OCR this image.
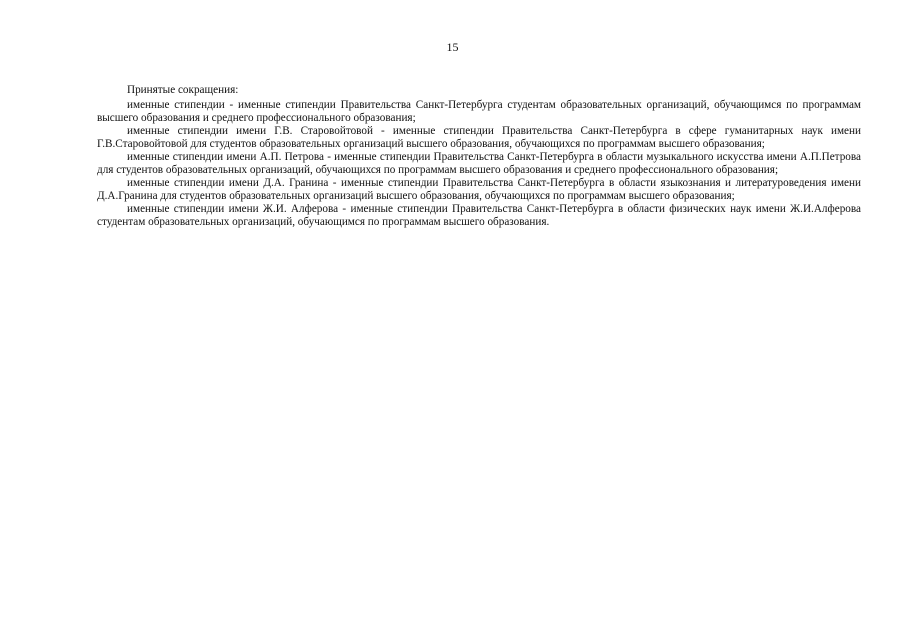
15

Принятые сокращения:

именные стипендии - именные стипендии Правительства Санкт-Петербурга студентам образовательных организаций, обучающимся по программам высшего образования и среднего профессионального образования;

именные стипендии имени Г.В. Старовойтовой - именные стипендии Правительства Санкт-Петербурга в сфере гуманитарных наук имени Г.В.Старовойтовой для студентов образовательных организаций высшего образования, обучающихся по программам высшего образования;

именные стипендии имени А.П. Петрова - именные стипендии Правительства Санкт-Петербурга в области музыкального искусства имени А.П.Петрова для студентов образовательных организаций, обучающихся по программам высшего образования и среднего профессионального образования;

именные стипендии имени Д.А. Гранина - именные стипендии Правительства Санкт-Петербурга в области языкознания и литературоведения имени Д.А.Гранина для студентов образовательных организаций высшего образования, обучающихся по программам высшего образования;

именные стипендии имени Ж.И. Алферова - именные стипендии Правительства Санкт-Петербурга в области физических наук имени Ж.И.Алферова студентам образовательных организаций, обучающимся по программам высшего образования.
